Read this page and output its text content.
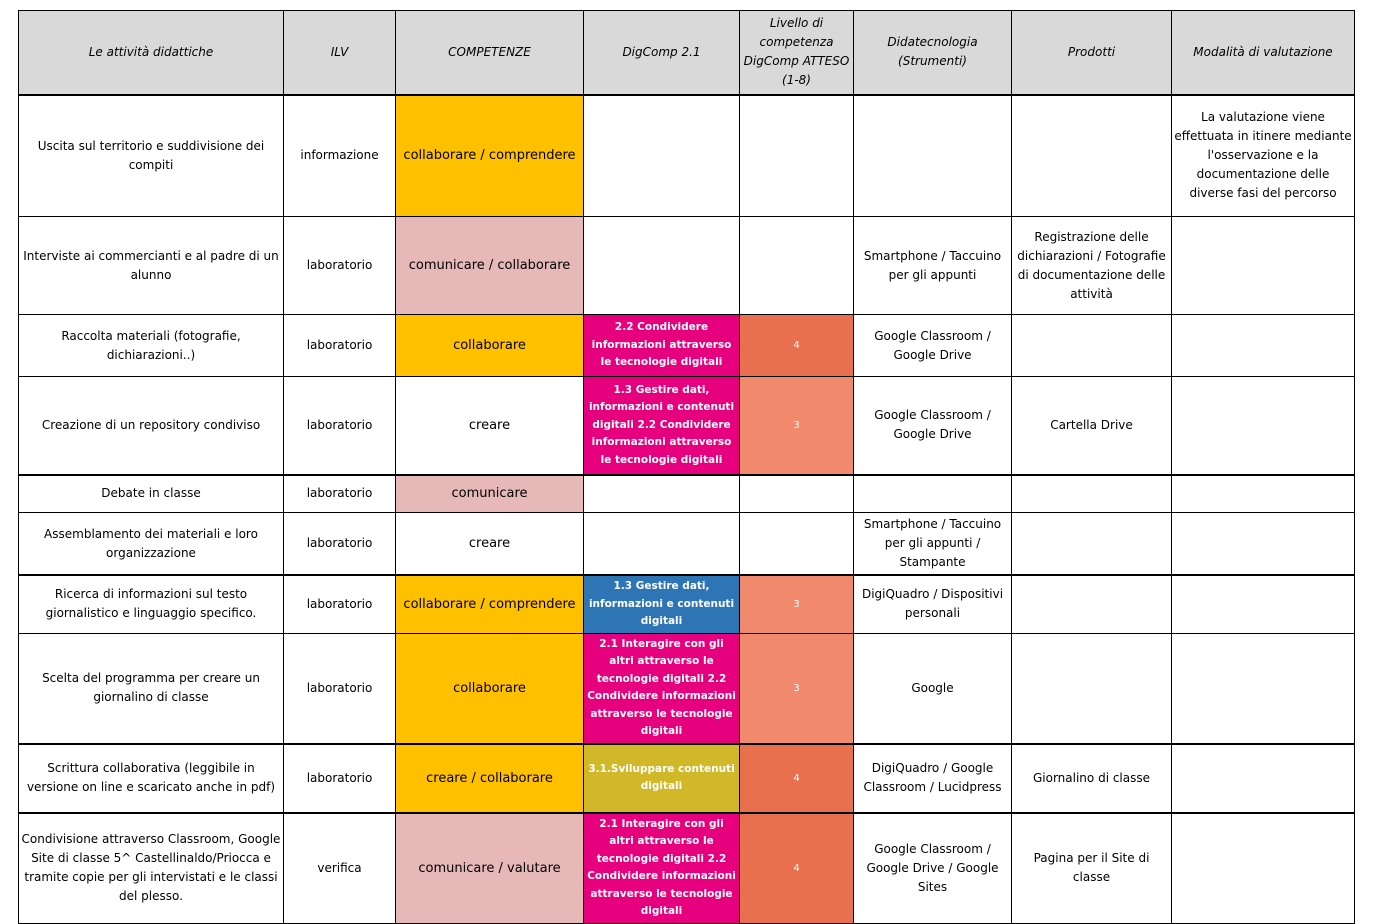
Le attività didattiche	ILV	COMPETENZE	DigComp 2.1	Livello di competenza DigComp ATTESO (1-8)	Didatecnologia (Strumenti)	Prodotti	Modalità di valutazione
Uscita sul territorio e suddivisione dei compiti	informazione	collaborare / comprendere					La valutazione viene effettuata in itinere mediante l'osservazione e la documentazione delle diverse fasi del percorso
Interviste ai commercianti e al padre di un alunno	laboratorio	comunicare / collaborare			Smartphone / Taccuino per gli appunti	Registrazione delle dichiarazioni / Fotografie di documentazione delle attività	
Raccolta materiali (fotografie, dichiarazioni..)	laboratorio	collaborare	2.2 Condividere informazioni attraverso le tecnologie digitali	4	Google Classroom / Google Drive		
Creazione di un repository condiviso	laboratorio	creare	1.3 Gestire dati, informazioni e contenuti digitali 2.2 Condividere informazioni attraverso le tecnologie digitali	3	Google Classroom / Google Drive	Cartella Drive	
Debate in classe	laboratorio	comunicare					
Assemblamento dei materiali e loro organizzazione	laboratorio	creare			Smartphone / Taccuino per gli appunti / Stampante		
Ricerca di informazioni sul testo giornalistico e linguaggio specifico.	laboratorio	collaborare / comprendere	1.3 Gestire dati, informazioni e contenuti digitali	3	DigiQuadro / Dispositivi personali		
Scelta del programma per creare un giornalino di classe	laboratorio	collaborare	2.1 Interagire con gli altri attraverso le tecnologie digitali 2.2 Condividere informazioni attraverso le tecnologie digitali	3	Google		
Scrittura collaborativa (leggibile in versione on line e scaricato anche in pdf)	laboratorio	creare / collaborare	3.1.Sviluppare contenuti digitali	4	DigiQuadro / Google Classroom / Lucidpress	Giornalino di classe	
Condivisione attraverso Classroom, Google Site di classe 5^ Castellinaldo/Priocca e tramite copie per gli intervistati e le classi del plesso.	verifica	comunicare / valutare	2.1 Interagire con gli altri attraverso le tecnologie digitali 2.2 Condividere informazioni attraverso le tecnologie digitali	4	Google Classroom / Google Drive / Google Sites	Pagina per il Site di classe	
